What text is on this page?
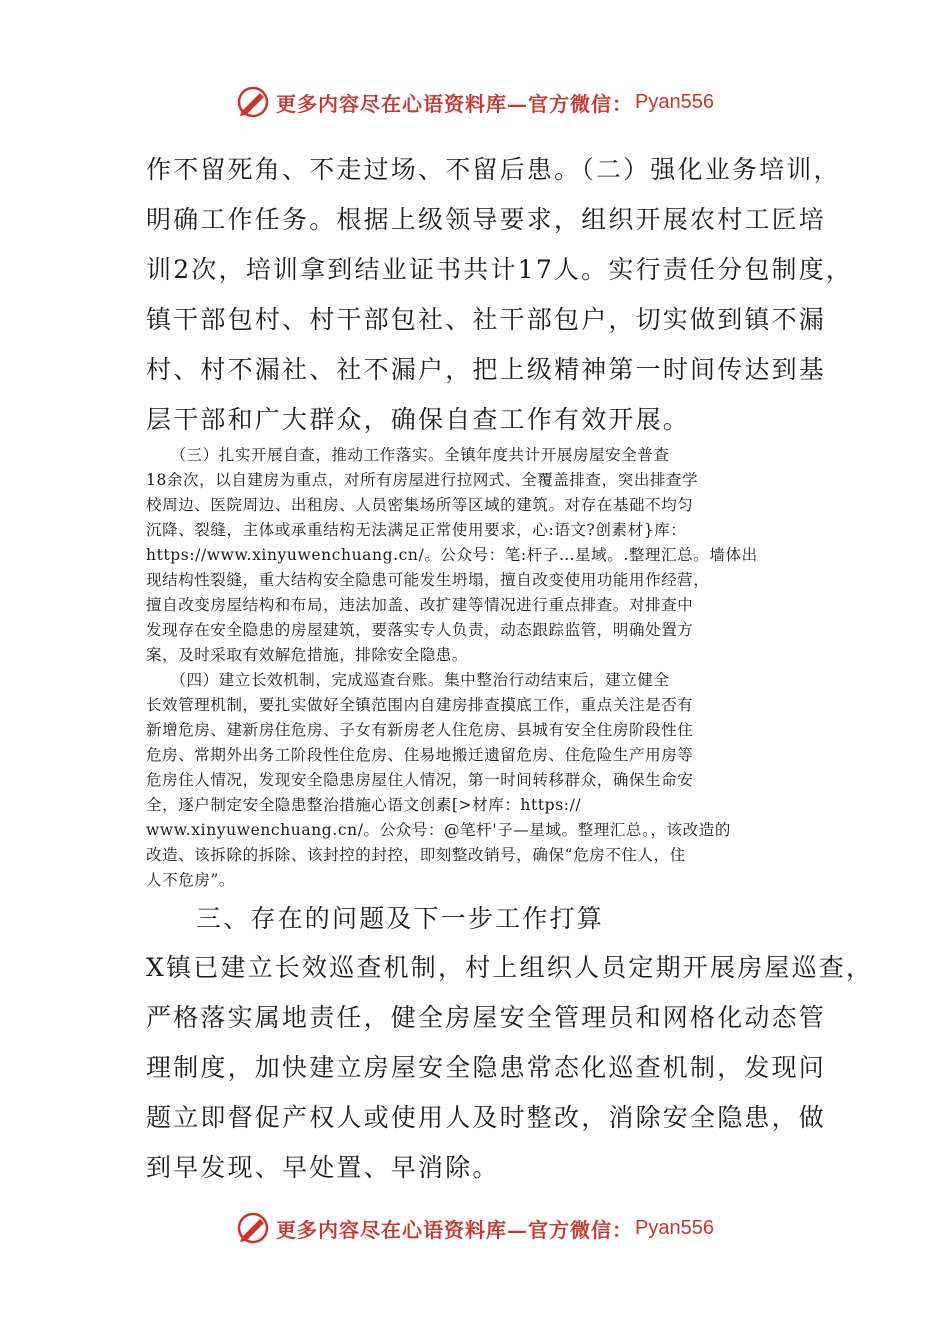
更多内容尽在心语资料库—官方微信： Pyan556
作不留死角、不走过场、不留后患。（二）强化业务培训，
明确工作任务。根据上级领导要求，组织开展农村工匠培
训2次，培训拿到结业证书共计17人。实行责任分包制度，
镇干部包村、村干部包社、社干部包户，切实做到镇不漏
村、村不漏社、社不漏户，把上级精神第一时间传达到基
层干部和广大群众，确保自查工作有效开展。
　　（三）扎实开展自查，推动工作落实。全镇年度共计开展房屋安全普查
18余次，以自建房为重点，对所有房屋进行拉网式、全覆盖排查，突出排查学
校周边、医院周边、出租房、人员密集场所等区域的建筑。对存在基础不均匀
沉降、裂缝，主体或承重结构无法满足正常使用要求，心:语文?创素材}库：
https://www.xinyuwenchuang.cn/。公众号：笔:杆子…星域。.整理汇总。墙体出
现结构性裂缝，重大结构安全隐患可能发生坍塌，擅自改变使用功能用作经营，
擅自改变房屋结构和布局，违法加盖、改扩建等情况进行重点排查。对排查中
发现存在安全隐患的房屋建筑，要落实专人负责，动态跟踪监管，明确处置方
案，及时采取有效解危措施，排除安全隐患。
　　（四）建立长效机制，完成巡查台账。集中整治行动结束后，建立健全
长效管理机制，要扎实做好全镇范围内自建房排查摸底工作，重点关注是否有
新增危房、建新房住危房、子女有新房老人住危房、县城有安全住房阶段性住
危房、常期外出务工阶段性住危房、住易地搬迁遗留危房、住危险生产用房等
危房住人情况，发现安全隐患房屋住人情况，第一时间转移群众，确保生命安
全，逐户制定安全隐患整治措施心语文创素[>材库：https://
www.xinyuwenchuang.cn/。公众号：@笔杆'子—星域。整理汇总。，该改造的
改造、该拆除的拆除、该封控的封控，即刻整改销号，确保“危房不住人，住
人不危房”。
三、存在的问题及下一步工作打算
X镇已建立长效巡查机制，村上组织人员定期开展房屋巡查，
严格落实属地责任，健全房屋安全管理员和网格化动态管
理制度，加快建立房屋安全隐患常态化巡查机制，发现问
题立即督促产权人或使用人及时整改，消除安全隐患，做
到早发现、早处置、早消除。
更多内容尽在心语资料库—官方微信： Pyan556
